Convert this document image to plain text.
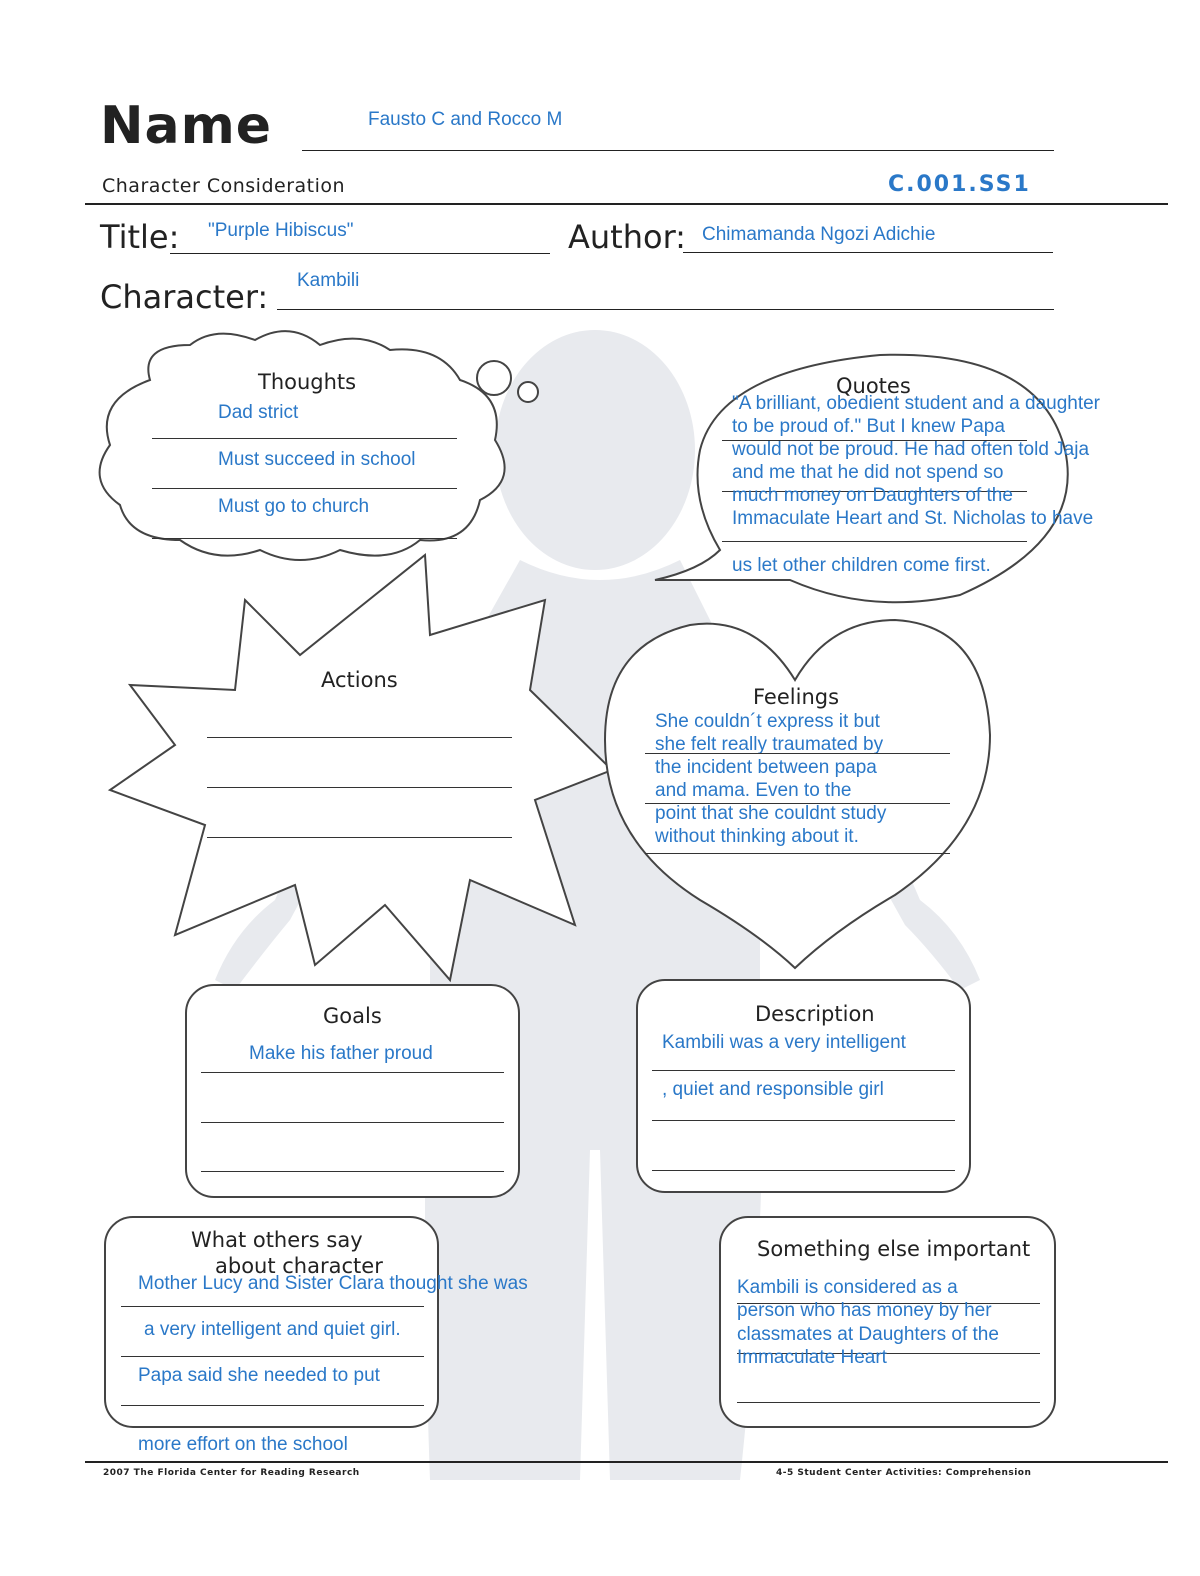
Name	Fausto C and Rocco M
Character Consideration	C.001.SS1
Title: "Purple Hibiscus"	Author: Chimamanda Ngozi Adichie
Character: Kambili
Thoughts
Dad strict
Must succeed in school
Must go to church
Quotes
"A brilliant, obedient student and a daughter
to be proud of." But I knew Papa
would not be proud. He had often told Jaja
and me that he did not spend so
much money on Daughters of the
Immaculate Heart and St. Nicholas to have
us let other children come first.
Actions
Feelings
She couldn´t express it but
she felt really traumated by
the incident between papa
and mama. Even to the
point that she couldnt study
without thinking about it.
Goals
Make his father proud
Description
Kambili was a very intelligent
, quiet and responsible girl
What others say
about character
Mother Lucy and Sister Clara thought she was
a very intelligent and quiet girl.
Papa said she needed to put
more effort on the school
Something else important
Kambili is considered as a
person who has money by her
classmates at Daughters of the
Immaculate Heart
2007 The Florida Center for Reading Research	4-5 Student Center Activities: Comprehension
